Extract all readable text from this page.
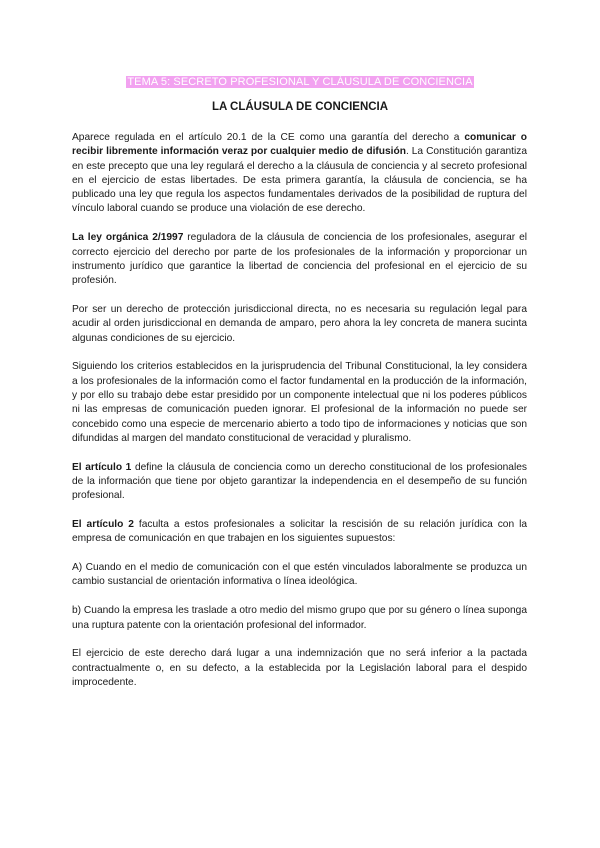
TEMA 5: SECRETO PROFESIONAL Y CLÁUSULA DE CONCIENCIA
LA CLÁUSULA DE CONCIENCIA

Aparece regulada en el artículo 20.1 de la CE como una garantía del derecho a comunicar o recibir libremente información veraz por cualquier medio de difusión. La Constitución garantiza en este precepto que una ley regulará el derecho a la cláusula de conciencia y al secreto profesional en el ejercicio de estas libertades. De esta primera garantía, la cláusula de conciencia, se ha publicado una ley que regula los aspectos fundamentales derivados de la posibilidad de ruptura del vínculo laboral cuando se produce una violación de ese derecho.

La ley orgánica 2/1997 reguladora de la cláusula de conciencia de los profesionales, asegurar el correcto ejercicio del derecho por parte de los profesionales de la información y proporcionar un instrumento jurídico que garantice la libertad de conciencia del profesional en el ejercicio de su profesión.

Por ser un derecho de protección jurisdiccional directa, no es necesaria su regulación legal para acudir al orden jurisdiccional en demanda de amparo, pero ahora la ley concreta de manera sucinta algunas condiciones de su ejercicio.

Siguiendo los criterios establecidos en la jurisprudencia del Tribunal Constitucional, la ley considera a los profesionales de la información como el factor fundamental en la producción de la información, y por ello su trabajo debe estar presidido por un componente intelectual que ni los poderes públicos ni las empresas de comunicación pueden ignorar. El profesional de la información no puede ser concebido como una especie de mercenario abierto a todo tipo de informaciones y noticias que son difundidas al margen del mandato constitucional de veracidad y pluralismo.

El artículo 1 define la cláusula de conciencia como un derecho constitucional de los profesionales de la información que tiene por objeto garantizar la independencia en el desempeño de su función profesional.

El artículo 2 faculta a estos profesionales a solicitar la rescisión de su relación jurídica con la empresa de comunicación en que trabajen en los siguientes supuestos:

A) Cuando en el medio de comunicación con el que estén vinculados laboralmente se produzca un cambio sustancial de orientación informativa o línea ideológica.

b) Cuando la empresa les traslade a otro medio del mismo grupo que por su género o línea suponga una ruptura patente con la orientación profesional del informador.

El ejercicio de este derecho dará lugar a una indemnización que no será inferior a la pactada contractualmente o, en su defecto, a la establecida por la Legislación laboral para el despido improcedente.
